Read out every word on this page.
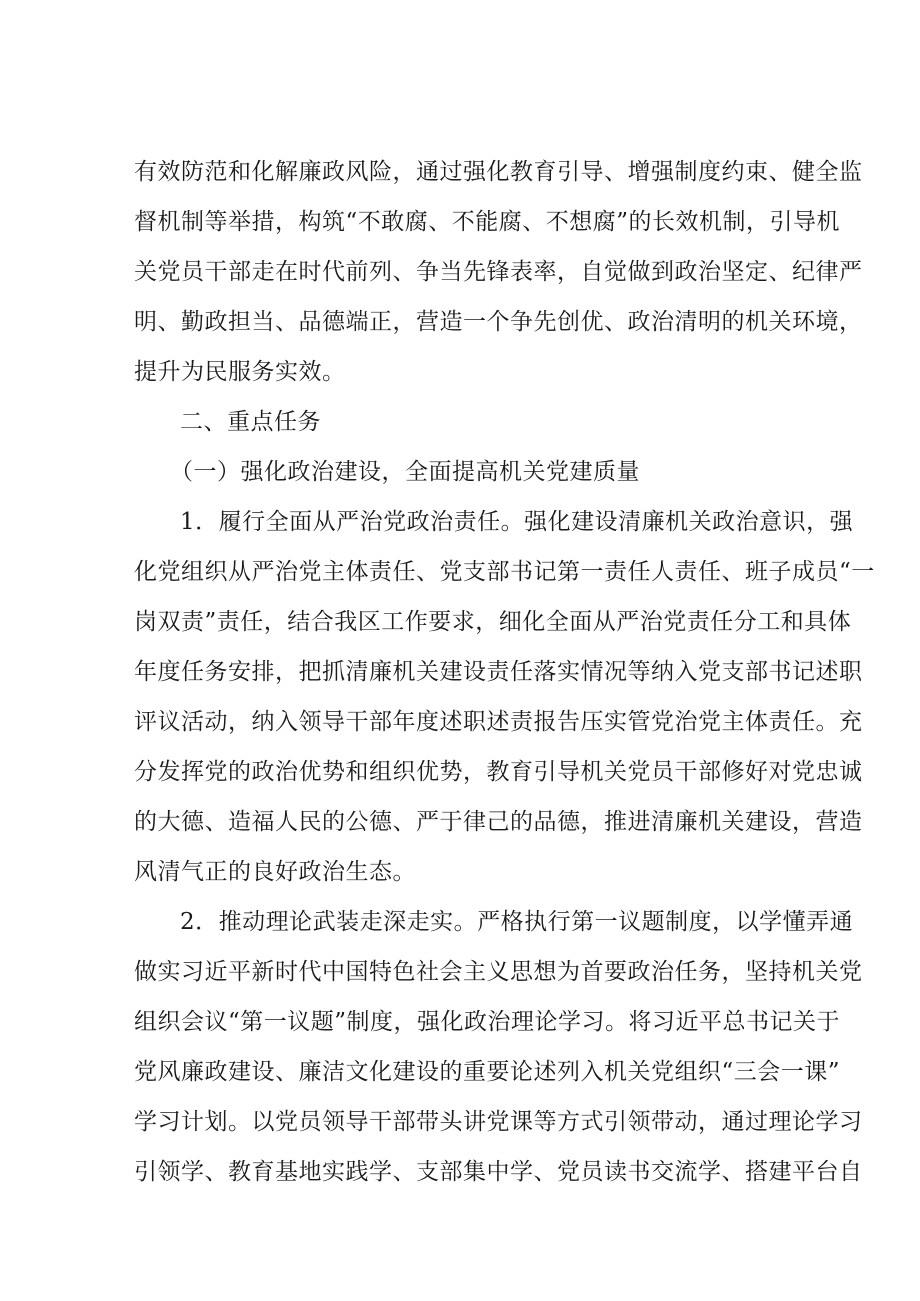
有效防范和化解廉政风险，通过强化教育引导、增强制度约束、健全监
督机制等举措，构筑“不敢腐、不能腐、不想腐”的长效机制，引导机
关党员干部走在时代前列、争当先锋表率，自觉做到政治坚定、纪律严
明、勤政担当、品德端正，营造一个争先创优、政治清明的机关环境，
提升为民服务实效。
二、重点任务
（一）强化政治建设，全面提高机关党建质量
1．履行全面从严治党政治责任。强化建设清廉机关政治意识，强
化党组织从严治党主体责任、党支部书记第一责任人责任、班子成员“一
岗双责”责任，结合我区工作要求，细化全面从严治党责任分工和具体
年度任务安排，把抓清廉机关建设责任落实情况等纳入党支部书记述职
评议活动，纳入领导干部年度述职述责报告压实管党治党主体责任。充
分发挥党的政治优势和组织优势，教育引导机关党员干部修好对党忠诚
的大德、造福人民的公德、严于律己的品德，推进清廉机关建设，营造
风清气正的良好政治生态。
2．推动理论武装走深走实。严格执行第一议题制度，以学懂弄通
做实习近平新时代中国特色社会主义思想为首要政治任务，坚持机关党
组织会议“第一议题”制度，强化政治理论学习。将习近平总书记关于
党风廉政建设、廉洁文化建设的重要论述列入机关党组织“三会一课”
学习计划。以党员领导干部带头讲党课等方式引领带动，通过理论学习
引领学、教育基地实践学、支部集中学、党员读书交流学、搭建平台自
